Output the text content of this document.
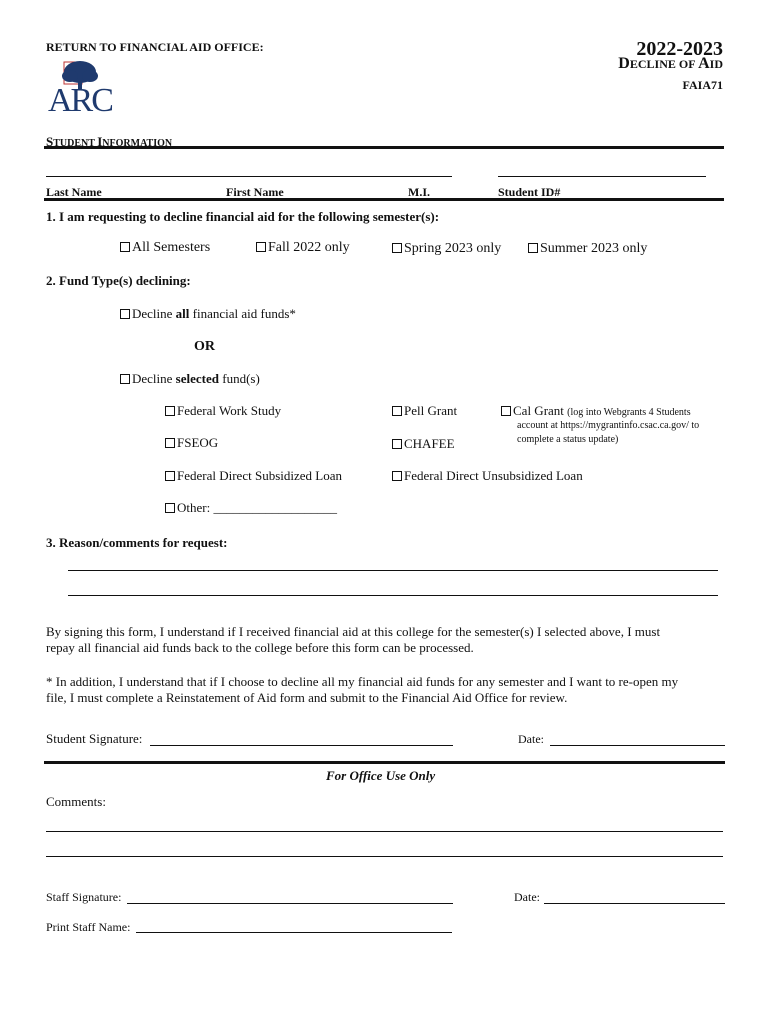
RETURN TO FINANCIAL AID OFFICE:
ARC
2022-2023
DECLINE OF AID
FAIA71
STUDENT INFORMATION
Last Name	First Name	M.I.	Student ID#
1. I am requesting to decline financial aid for the following semester(s):
All Semesters	Fall 2022 only	Spring 2023 only	Summer 2023 only
2. Fund Type(s) declining:
Decline all financial aid funds*
OR
Decline selected fund(s)
Federal Work Study	Pell Grant	Cal Grant (log into Webgrants 4 Students
account at https://mygrantinfo.csac.ca.gov/ to
complete a status update)
FSEOG	CHAFEE
Federal Direct Subsidized Loan	Federal Direct Unsubsidized Loan
Other: ___________________
3. Reason/comments for request:
By signing this form, I understand if I received financial aid at this college for the semester(s) I selected above, I must
repay all financial aid funds back to the college before this form can be processed.
* In addition, I understand that if I choose to decline all my financial aid funds for any semester and I want to re-open my
file, I must complete a Reinstatement of Aid form and submit to the Financial Aid Office for review.
Student Signature:	Date:
For Office Use Only
Comments:
Staff Signature:	Date:
Print Staff Name:
